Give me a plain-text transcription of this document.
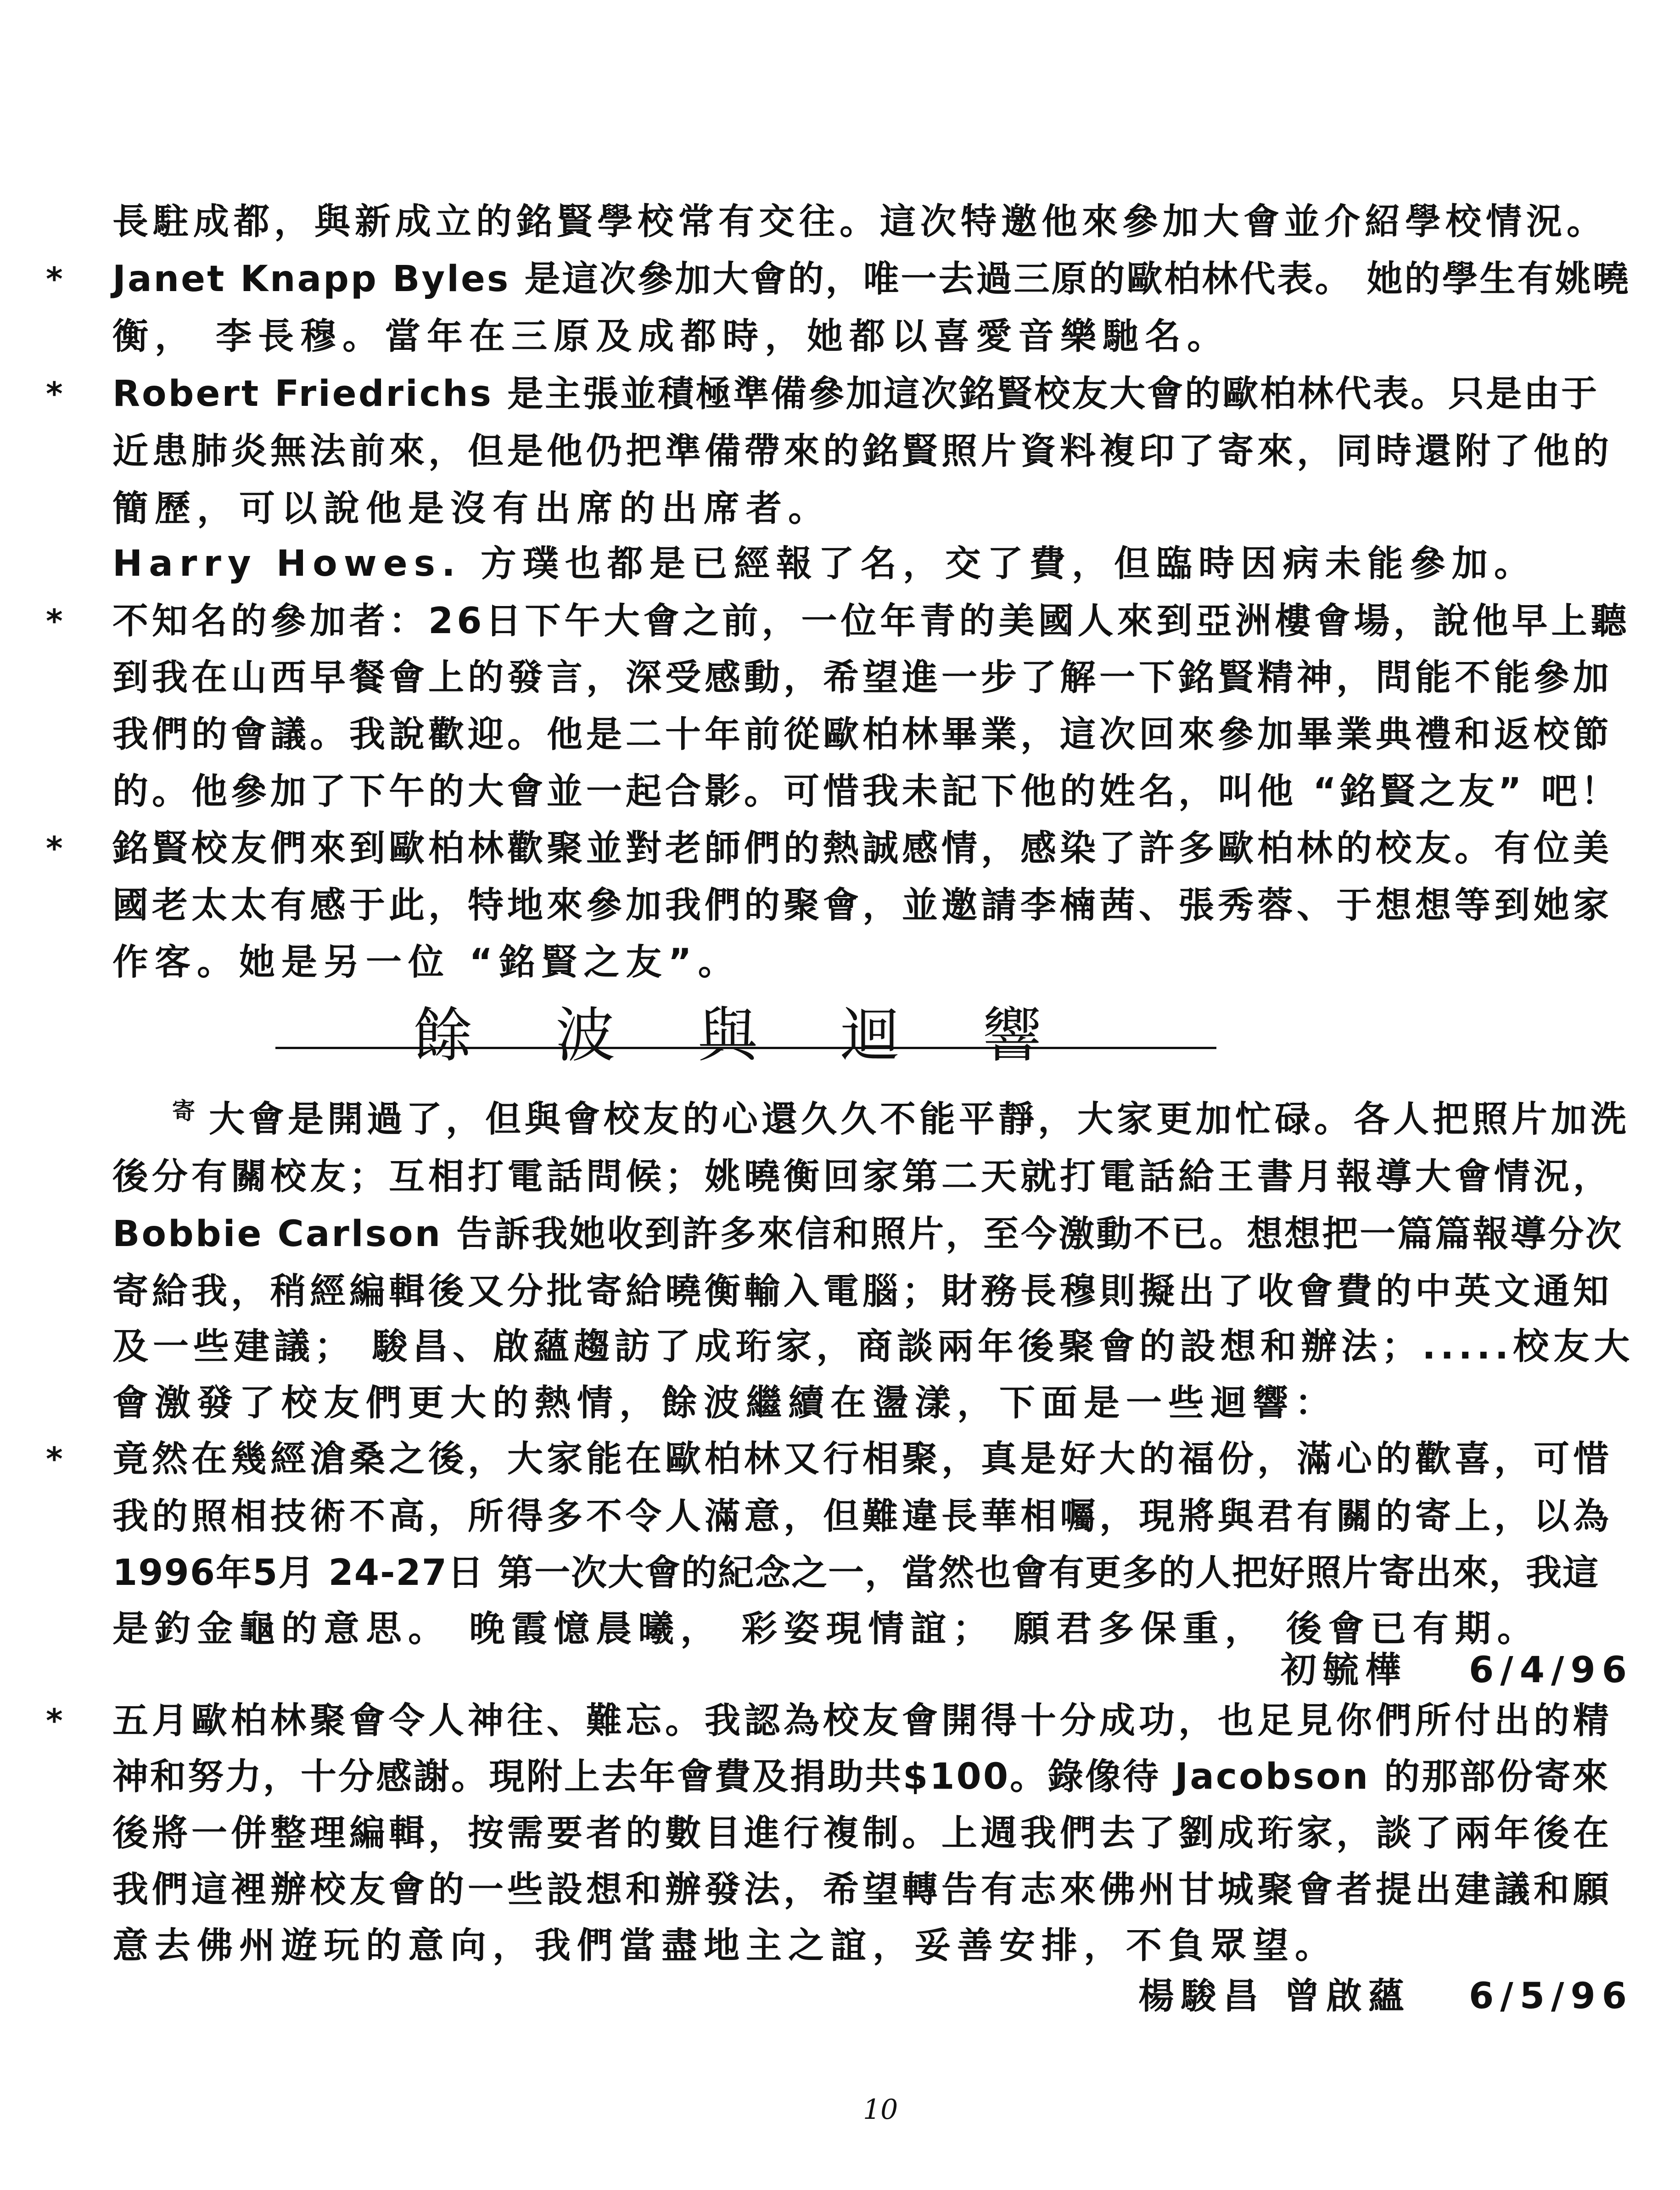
*
*
*
*
*
*
長駐成都，與新成立的銘賢學校常有交往。這次特邀他來參加大會並介紹學校情況。
Janet Knapp Byles 是這次參加大會的，唯一去過三原的歐柏林代表。 她的學生有姚曉
衡， 李長穆。當年在三原及成都時，她都以喜愛音樂馳名。
Robert Friedrichs 是主張並積極準備參加這次銘賢校友大會的歐柏林代表。只是由于
近患肺炎無法前來，但是他仍把準備帶來的銘賢照片資料複印了寄來，同時還附了他的
簡歷，可以說他是沒有出席的出席者。
Harry Howes. 方璞也都是已經報了名，交了費，但臨時因病未能參加。
不知名的參加者：26日下午大會之前，一位年青的美國人來到亞洲樓會場，說他早上聽
到我在山西早餐會上的發言，深受感動，希望進一步了解一下銘賢精神，問能不能參加
我們的會議。我說歡迎。他是二十年前從歐柏林畢業，這次回來參加畢業典禮和返校節
的。他參加了下午的大會並一起合影。可惜我未記下他的姓名，叫他 “銘賢之友” 吧！
銘賢校友們來到歐柏林歡聚並對老師們的熱誠感情，感染了許多歐柏林的校友。有位美
國老太太有感于此，特地來參加我們的聚會，並邀請李楠茜、張秀蓉、于想想等到她家
作客。她是另一位 “銘賢之友”。
餘波與迴響
寄 大會是開過了，但與會校友的心還久久不能平靜，大家更加忙碌。各人把照片加洗
後分有關校友；互相打電話問候；姚曉衡回家第二天就打電話給王書月報導大會情況，
Bobbie Carlson 告訴我她收到許多來信和照片，至今激動不已。想想把一篇篇報導分次
寄給我，稍經編輯後又分批寄給曉衡輸入電腦；財務長穆則擬出了收會費的中英文通知
及一些建議； 駿昌、啟蘊趨訪了成珩家，商談兩年後聚會的設想和辦法；.....校友大
會激發了校友們更大的熱情，餘波繼續在盪漾，下面是一些迴響：
竟然在幾經滄桑之後，大家能在歐柏林又行相聚，真是好大的福份，滿心的歡喜，可惜
我的照相技術不高，所得多不令人滿意，但難違長華相囑，現將與君有關的寄上，以為
1996年5月 24-27日 第一次大會的紀念之一，當然也會有更多的人把好照片寄出來，我這
是釣金龜的意思。 晚霞憶晨曦， 彩姿現情誼； 願君多保重， 後會已有期。
初毓樺 6/4/96
五月歐柏林聚會令人神往、難忘。我認為校友會開得十分成功，也足見你們所付出的精
神和努力，十分感謝。現附上去年會費及捐助共$100。錄像待 Jacobson 的那部份寄來
後將一併整理編輯，按需要者的數目進行複制。上週我們去了劉成珩家，談了兩年後在
我們這裡辦校友會的一些設想和辦發法，希望轉告有志來佛州甘城聚會者提出建議和願
意去佛州遊玩的意向，我們當盡地主之誼，妥善安排，不負眾望。
楊駿昌 曾啟蘊 6/5/96
10
